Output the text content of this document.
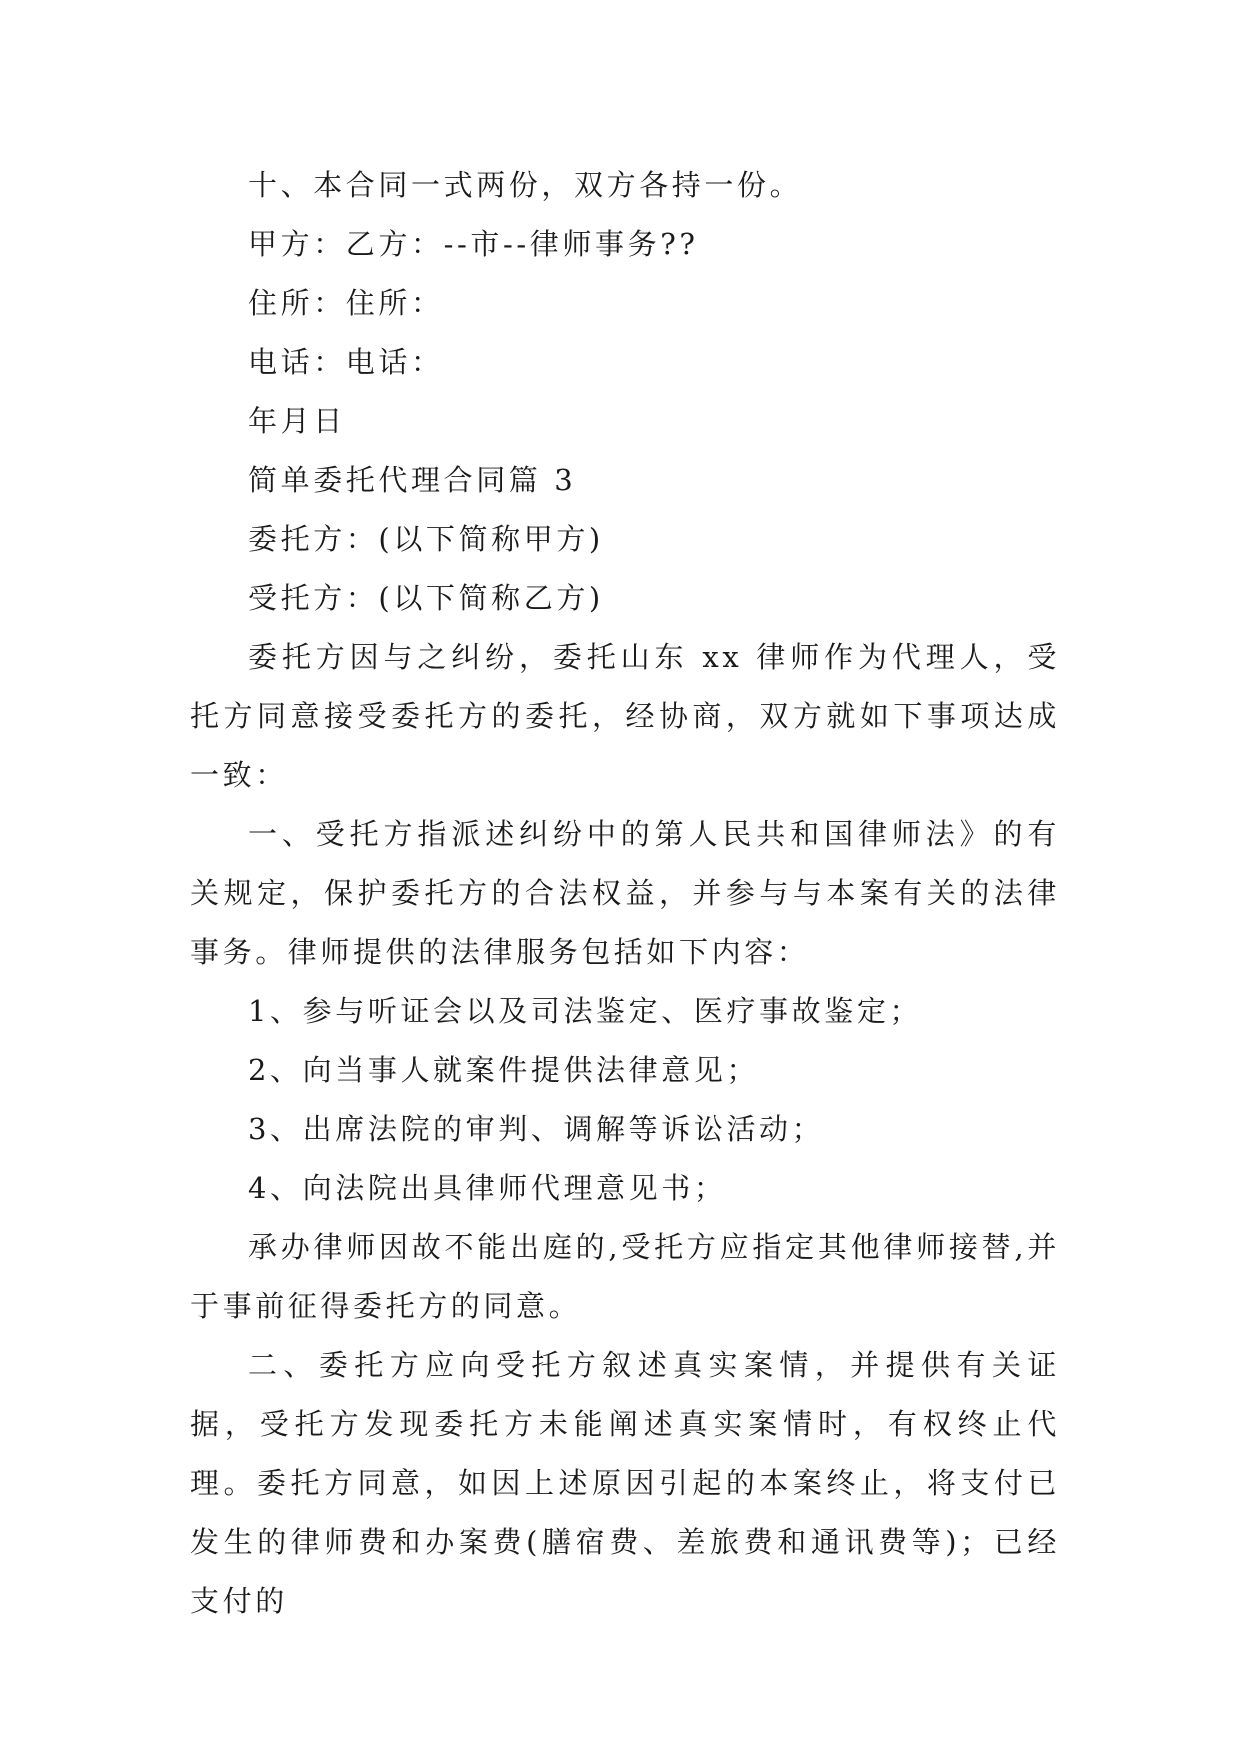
十、本合同一式两份，双方各持一份。

甲方：乙方：--市--律师事务??

住所：住所：

电话：电话：

年月日

简单委托代理合同篇 3

委托方：(以下简称甲方)

受托方：(以下简称乙方)

委托方因与之纠纷，委托山东 xx 律师作为代理人，受托方同意接受委托方的委托，经协商，双方就如下事项达成一致：

一、受托方指派述纠纷中的第人民共和国律师法》的有关规定，保护委托方的合法权益，并参与与本案有关的法律事务。律师提供的法律服务包括如下内容：

1、参与听证会以及司法鉴定、医疗事故鉴定；

2、向当事人就案件提供法律意见；

3、出席法院的审判、调解等诉讼活动；

4、向法院出具律师代理意见书；

承办律师因故不能出庭的,受托方应指定其他律师接替,并于事前征得委托方的同意。

二、委托方应向受托方叙述真实案情，并提供有关证据，受托方发现委托方未能阐述真实案情时，有权终止代理。委托方同意，如因上述原因引起的本案终止，将支付已发生的律师费和办案费(膳宿费、差旅费和通讯费等)；已经支付的
